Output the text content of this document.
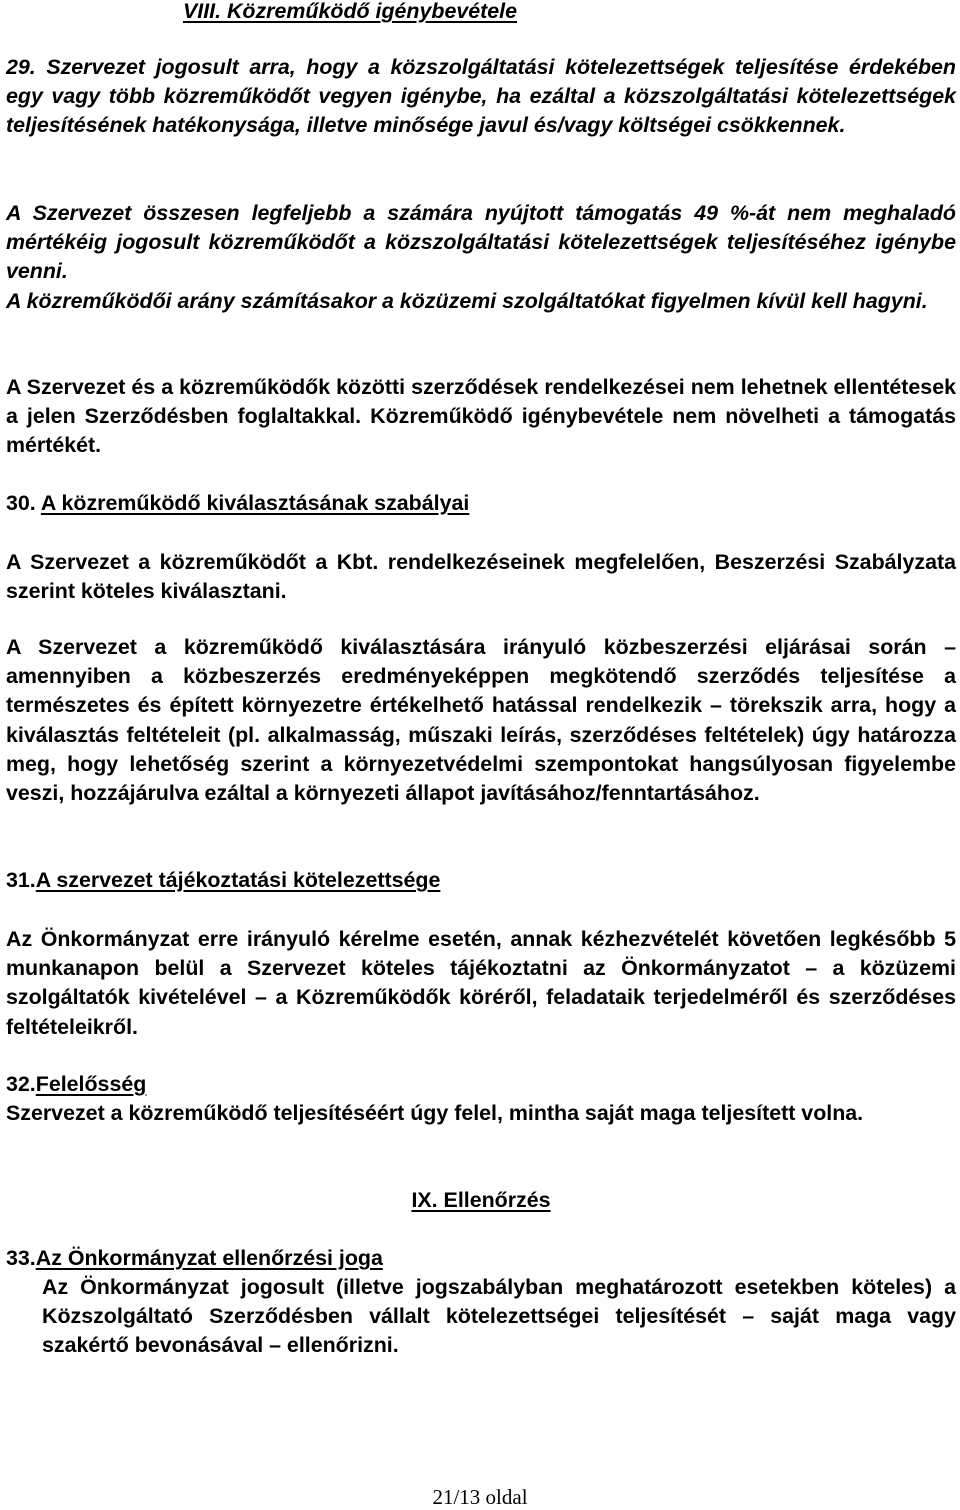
VIII. Közreműködő igénybevétele

29. Szervezet jogosult arra, hogy a közszolgáltatási kötelezettségek teljesítése érdekében egy vagy több közreműködőt vegyen igénybe, ha ezáltal a közszolgáltatási kötelezettségek teljesítésének hatékonysága, illetve minősége javul és/vagy költségei csökkennek.

A Szervezet összesen legfeljebb a számára nyújtott támogatás 49 %-át nem meghaladó mértékéig jogosult közreműködőt a közszolgáltatási kötelezettségek teljesítéséhez igénybe venni.

A közreműködői arány számításakor a közüzemi szolgáltatókat figyelmen kívül kell hagyni.

A Szervezet és a közreműködők közötti szerződések rendelkezései nem lehetnek ellentétesek a jelen Szerződésben foglaltakkal. Közreműködő igénybevétele nem növelheti a támogatás mértékét.

30. A közreműködő kiválasztásának szabályai

A Szervezet a közreműködőt a Kbt. rendelkezéseinek megfelelően, Beszerzési Szabályzata szerint köteles kiválasztani.

A Szervezet a közreműködő kiválasztására irányuló közbeszerzési eljárásai során – amennyiben a közbeszerzés eredményeképpen megkötendő szerződés teljesítése a természetes és épített környezetre értékelhető hatással rendelkezik – törekszik arra, hogy a kiválasztás feltételeit (pl. alkalmasság, műszaki leírás, szerződéses feltételek) úgy határozza meg, hogy lehetőség szerint a környezetvédelmi szempontokat hangsúlyosan figyelembe veszi, hozzájárulva ezáltal a környezeti állapot javításához/fenntartásához.

31.A szervezet tájékoztatási kötelezettsége

Az Önkormányzat erre irányuló kérelme esetén, annak kézhezvételét követően legkésőbb 5 munkanapon belül a Szervezet köteles tájékoztatni az Önkormányzatot – a közüzemi szolgáltatók kivételével – a Közreműködők köréről, feladataik terjedelméről és szerződéses feltételeikről.

32.Felelősség

Szervezet a közreműködő teljesítéséért úgy felel, mintha saját maga teljesített volna.

IX. Ellenőrzés

33.Az Önkormányzat ellenőrzési joga

Az Önkormányzat jogosult (illetve jogszabályban meghatározott esetekben köteles) a Közszolgáltató Szerződésben vállalt kötelezettségei teljesítését – saját maga vagy szakértő bevonásával – ellenőrizni.

21/13 oldal
